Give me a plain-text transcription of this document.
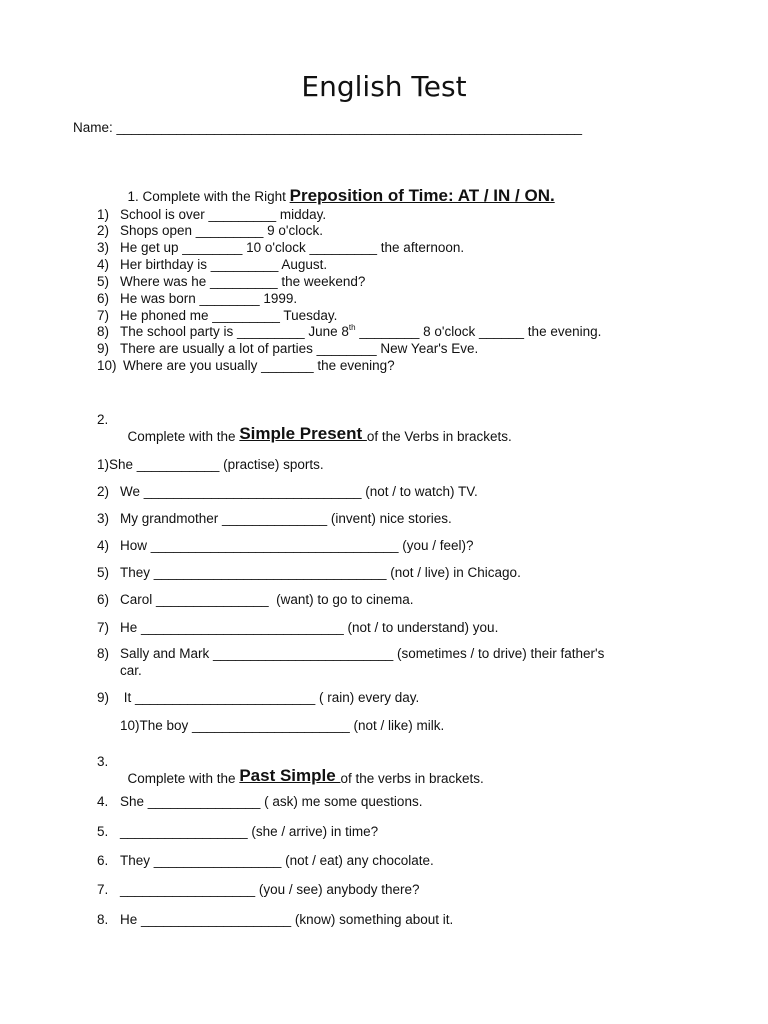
English Test
Name: ______________________________________________________________

1. Complete with the Right Preposition of Time: AT / IN / ON.

1)

School is over _________ midday.

2)

Shops open _________ 9 o'clock.

3)

He get up ________ 10 o'clock _________ the afternoon.

4)

Her birthday is _________ August.

5)

Where was he _________ the weekend?

6)

He was born ________ 1999.

7)

He phoned me _________ Tuesday.

8)

The school party is _________ June 8th ________ 8 o'clock ______ the evening.

9)

There are usually a lot of parties ________ New Year's Eve.

10)

Where are you usually _______ the evening?

2.

Complete with the Simple Present of the Verbs in brackets.

1)She ___________ (practise) sports.

2)

We _____________________________ (not / to watch) TV.

3)

My grandmother ______________ (invent) nice stories.

4)

How _________________________________ (you / feel)?

5)

They _______________________________ (not / live) in Chicago.

6)

Carol _______________  (want) to go to cinema.

7)

He ___________________________ (not / to understand) you.

8)

Sally and Mark ________________________ (sometimes / to drive) their father's

car.

9)

It ________________________ ( rain) every day.

10)The boy _____________________ (not / like) milk.
3.

Complete with the Past Simple of the verbs in brackets.

4.

She _______________ ( ask) me some questions.

5.

_________________ (she / arrive) in time?

6.

They _________________ (not / eat) any chocolate.

7.

__________________ (you / see) anybody there?

8.

He ____________________ (know) something about it.
